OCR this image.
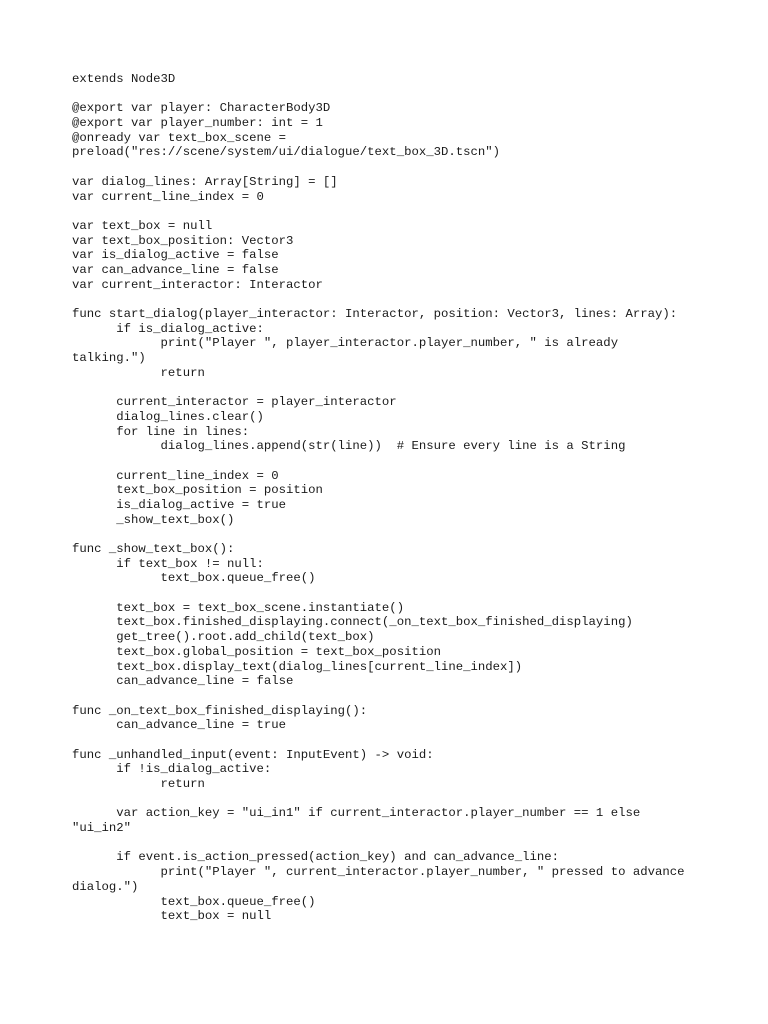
extends Node3D
@export var player: CharacterBody3D
@export var player_number: int = 1
@onready var text_box_scene =
preload("res://scene/system/ui/dialogue/text_box_3D.tscn")
var dialog_lines: Array[String] = []
var current_line_index = 0
var text_box = null
var text_box_position: Vector3
var is_dialog_active = false
var can_advance_line = false
var current_interactor: Interactor
func start_dialog(player_interactor: Interactor, position: Vector3, lines: Array):
if is_dialog_active:
print("Player ", player_interactor.player_number, " is already
talking.")
return
current_interactor = player_interactor
dialog_lines.clear()
for line in lines:
dialog_lines.append(str(line))  # Ensure every line is a String
current_line_index = 0
text_box_position = position
is_dialog_active = true
_show_text_box()
func _show_text_box():
if text_box != null:
text_box.queue_free()
text_box = text_box_scene.instantiate()
text_box.finished_displaying.connect(_on_text_box_finished_displaying)
get_tree().root.add_child(text_box)
text_box.global_position = text_box_position
text_box.display_text(dialog_lines[current_line_index])
can_advance_line = false
func _on_text_box_finished_displaying():
can_advance_line = true
func _unhandled_input(event: InputEvent) -> void:
if !is_dialog_active:
return
var action_key = "ui_in1" if current_interactor.player_number == 1 else
"ui_in2"
if event.is_action_pressed(action_key) and can_advance_line:
print("Player ", current_interactor.player_number, " pressed to advance
dialog.")
text_box.queue_free()
text_box = null
